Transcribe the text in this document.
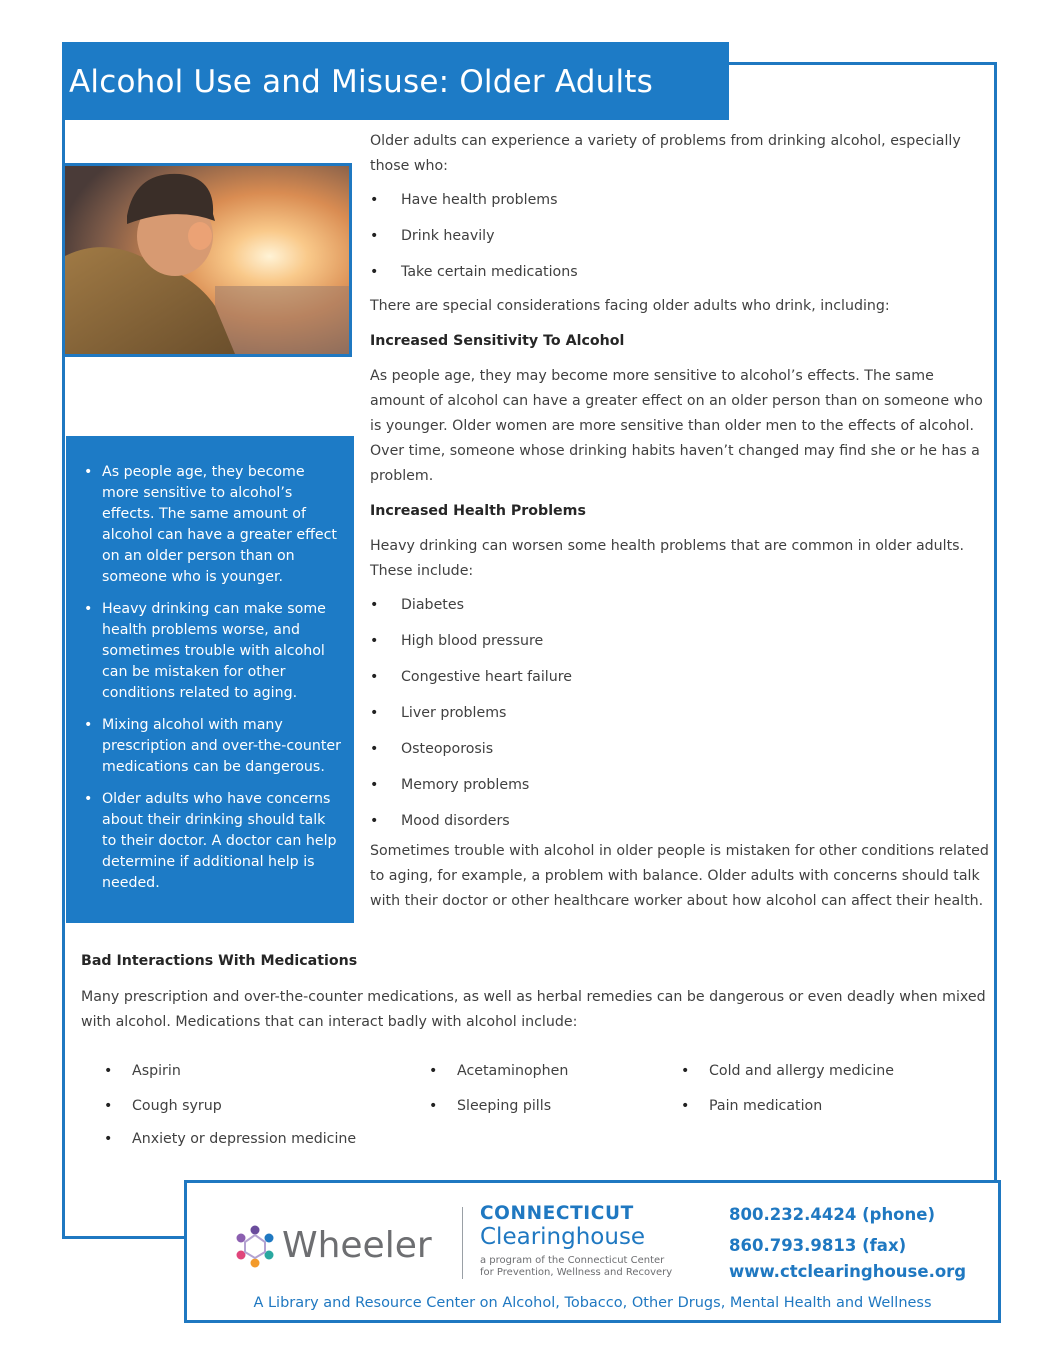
Alcohol Use and Misuse: Older Adults
• As people age, they become more sensitive to alcohol’s effects. The same amount of alcohol can have a greater effect on an older person than on someone who is younger.
• Heavy drinking can make some health problems worse, and sometimes trouble with alcohol can be mistaken for other conditions related to aging.
• Mixing alcohol with many prescription and over-the-counter medications can be dangerous.
• Older adults who have concerns about their drinking should talk to their doctor. A doctor can help determine if additional help is needed.

Older adults can experience a variety of problems from drinking alcohol, especially those who:

• Have health problems
• Drink heavily
• Take certain medications

There are special considerations facing older adults who drink, including:

Increased Sensitivity To Alcohol

As people age, they may become more sensitive to alcohol’s effects. The same amount of alcohol can have a greater effect on an older person than on someone who is younger. Older women are more sensitive than older men to the effects of alcohol. Over time, someone whose drinking habits haven’t changed may find she or he has a problem.

Increased Health Problems

Heavy drinking can worsen some health problems that are common in older adults. These include:

• Diabetes
• High blood pressure
• Congestive heart failure
• Liver problems
• Osteoporosis
• Memory problems
• Mood disorders

Sometimes trouble with alcohol in older people is mistaken for other conditions related to aging, for example, a problem with balance. Older adults with concerns should talk with their doctor or other healthcare worker about how alcohol can affect their health.

Bad Interactions With Medications

Many prescription and over-the-counter medications, as well as herbal remedies can be dangerous or even deadly when mixed with alcohol. Medications that can interact badly with alcohol include:

• Aspirin	• Acetaminophen	• Cold and allergy medicine
• Cough syrup	• Sleeping pills	• Pain medication
• Anxiety or depression medicine
Wheeler
CONNECTICUT
Clearinghouse
a program of the Connecticut Center
for Prevention, Wellness and Recovery
800.232.4424 (phone)
860.793.9813 (fax)
www.ctclearinghouse.org
A Library and Resource Center on Alcohol, Tobacco, Other Drugs, Mental Health and Wellness
